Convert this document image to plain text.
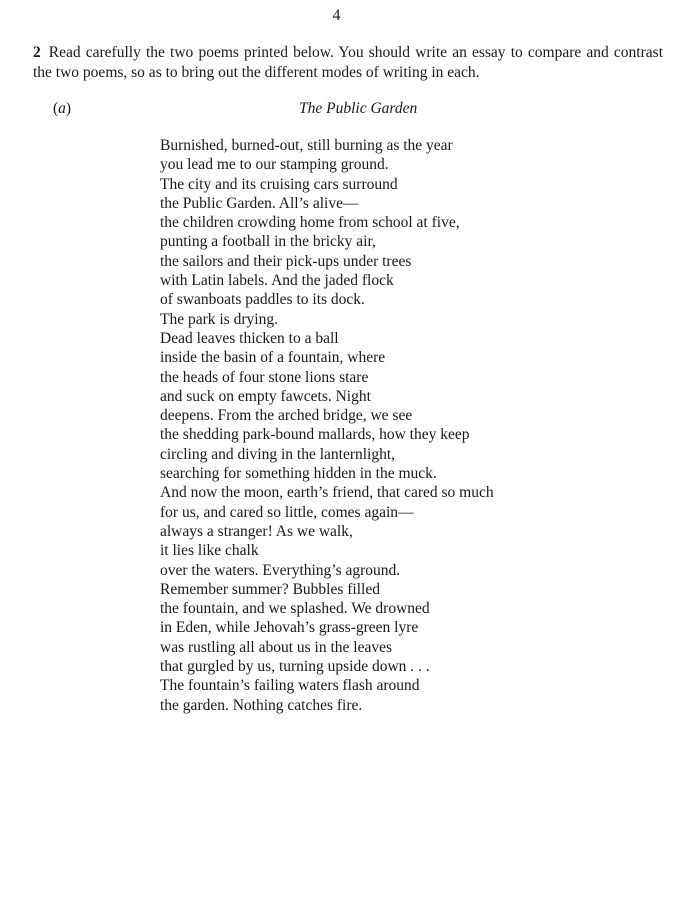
4

2 Read carefully the two poems printed below. You should write an essay to compare and contrast the two poems, so as to bring out the different modes of writing in each.

(a)	The Public Garden
Burnished, burned-out, still burning as the year
you lead me to our stamping ground.
The city and its cruising cars surround
the Public Garden. All’s alive—
the children crowding home from school at five,
punting a football in the bricky air,
the sailors and their pick-ups under trees
with Latin labels. And the jaded flock
of swanboats paddles to its dock.
The park is drying.
Dead leaves thicken to a ball
inside the basin of a fountain, where
the heads of four stone lions stare
and suck on empty fawcets. Night
deepens. From the arched bridge, we see
the shedding park-bound mallards, how they keep
circling and diving in the lanternlight,
searching for something hidden in the muck.
And now the moon, earth’s friend, that cared so much
for us, and cared so little, comes again—
always a stranger! As we walk,
it lies like chalk
over the waters. Everything’s aground.
Remember summer? Bubbles filled
the fountain, and we splashed. We drowned
in Eden, while Jehovah’s grass-green lyre
was rustling all about us in the leaves
that gurgled by us, turning upside down . . .
The fountain’s failing waters flash around
the garden. Nothing catches fire.
